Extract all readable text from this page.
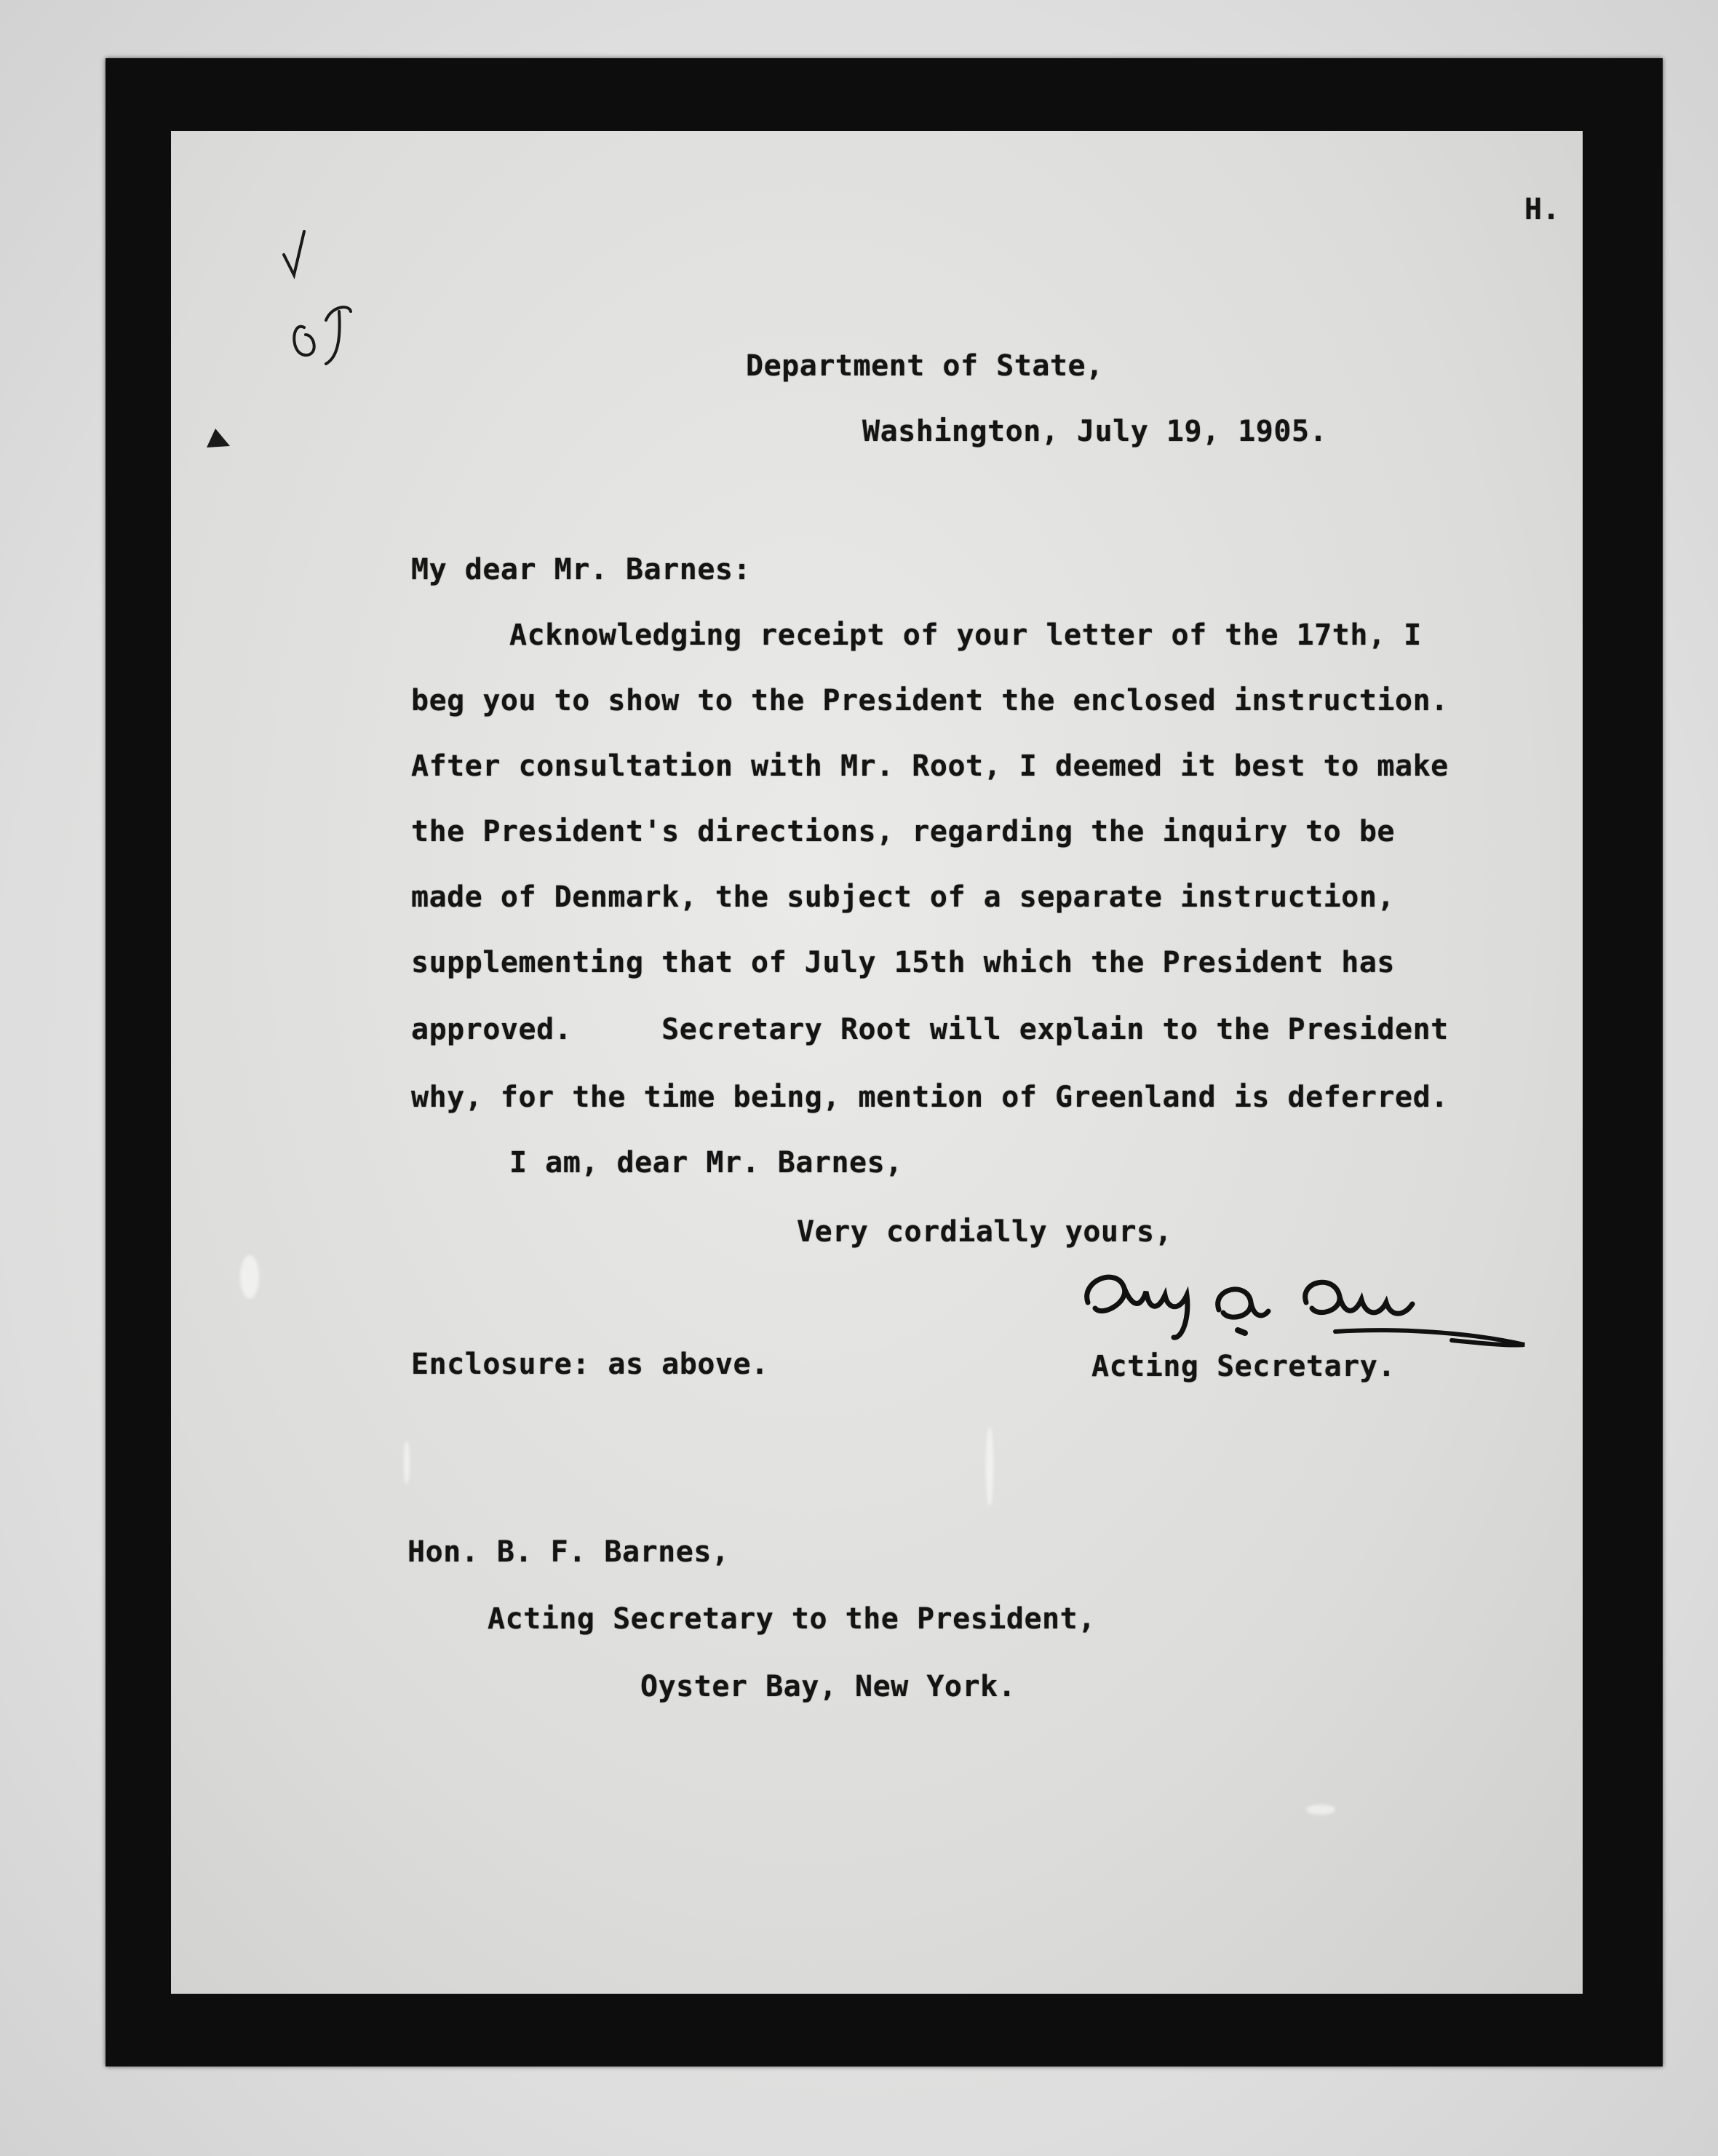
H.
Department of State,
Washington, July 19, 1905.
My dear Mr. Barnes:
Acknowledging receipt of your letter of the 17th, I
beg you to show to the President the enclosed instruction.
After consultation with Mr. Root, I deemed it best to make
the President's directions, regarding the inquiry to be
made of Denmark, the subject of a separate instruction,
supplementing that of July 15th which the President has
approved.     Secretary Root will explain to the President
why, for the time being, mention of Greenland is deferred.
I am, dear Mr. Barnes,
Very cordially yours,
Enclosure: as above.	Acting Secretary.
Hon. B. F. Barnes,
Acting Secretary to the President,
Oyster Bay, New York.
